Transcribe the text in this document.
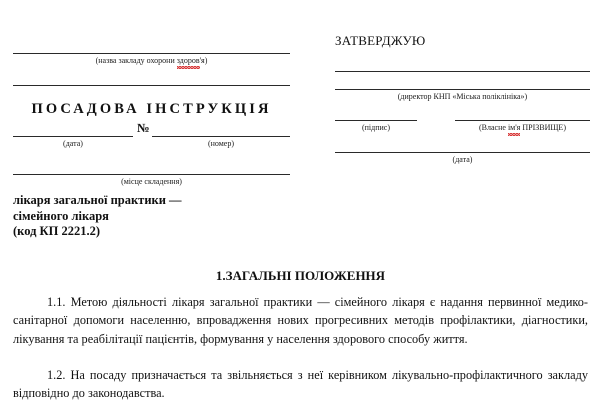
(назва закладу охорони здоров'я)
ЗАТВЕРДЖУЮ
(директор КНП «Міська поліклініка»)
(підпис)	(Власне ім'я ПРІЗВИЩЕ)
(дата)
ПОСАДОВА ІНСТРУКЦІЯ
№
(дата)	(номер)
(місце складення)
лікаря загальної практики —
сімейного лікаря
(код КП 2221.2)
1.ЗАГАЛЬНІ ПОЛОЖЕННЯ
1.1. Метою діяльності лікаря загальної практики — сімейного лікаря є надання первинної медико-санітарної допомоги населенню, впровадження нових прогресивних методів профілактики, діагностики, лікування та реабілітації пацієнтів, формування у населення здорового способу життя.
1.2. На посаду призначається та звільняється з неї керівником лікувально-профілактичного закладу відповідно до законодавства.
